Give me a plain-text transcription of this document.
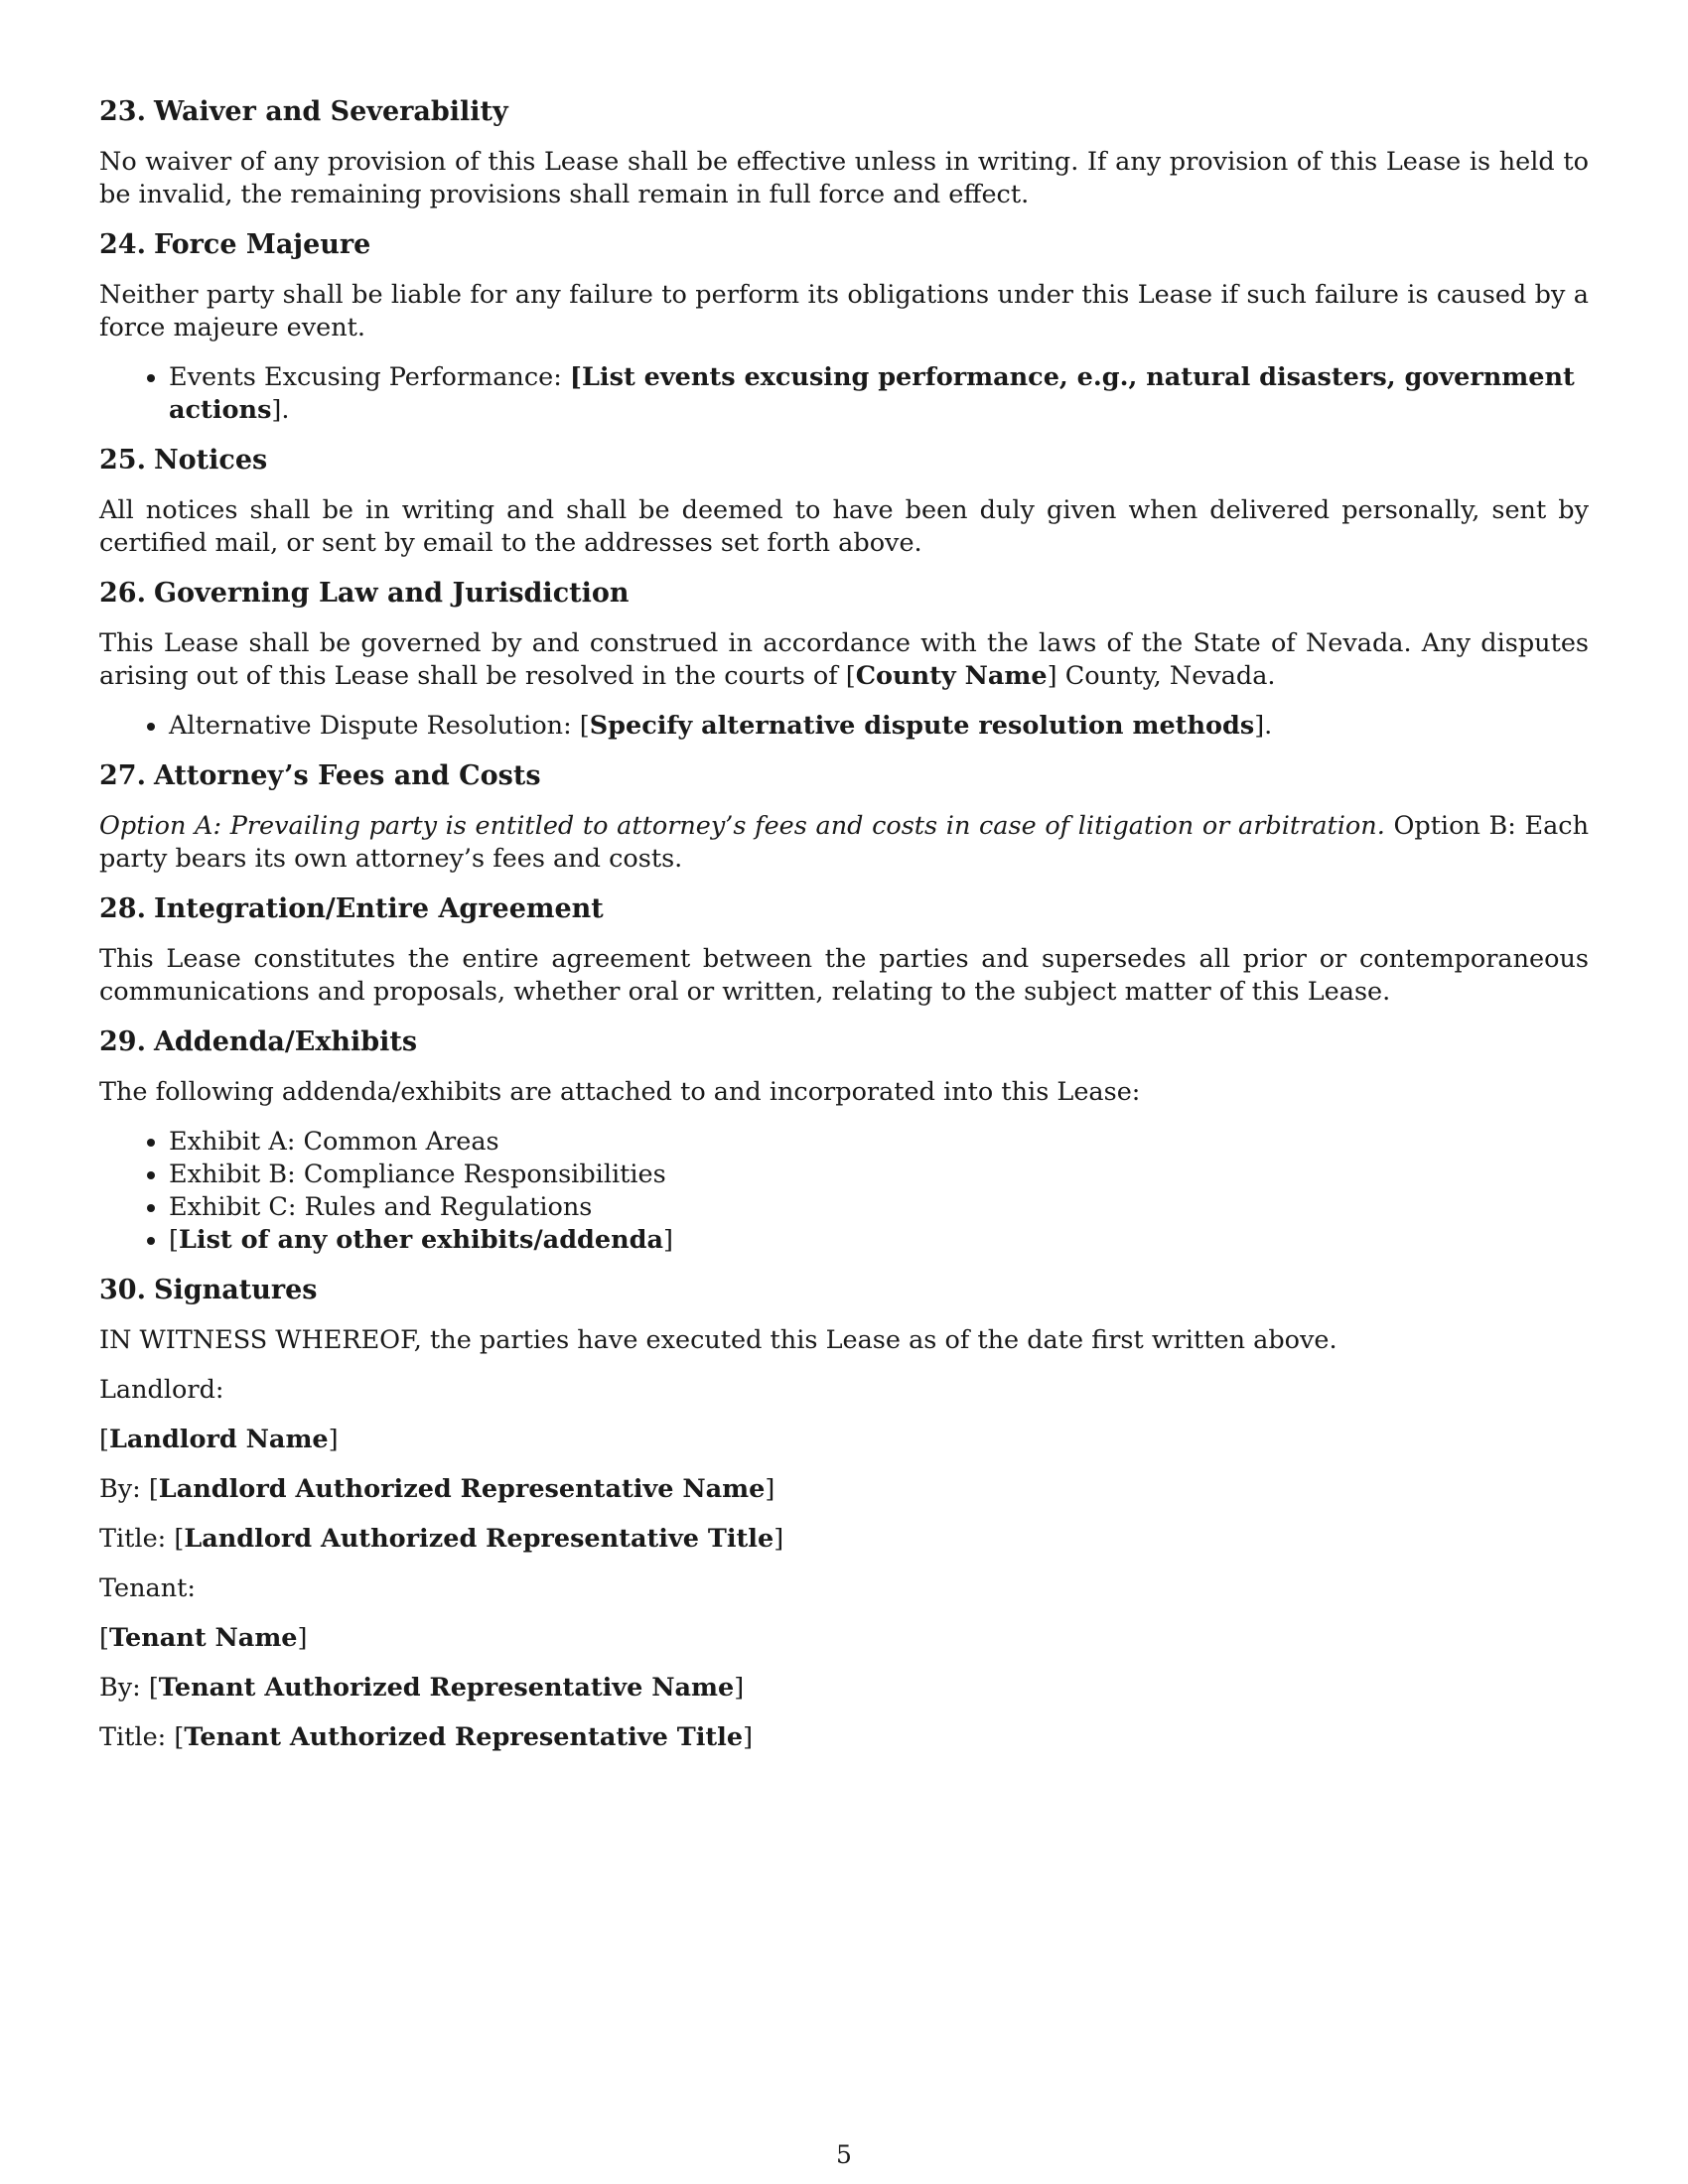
23. Waiver and Severability

No waiver of any provision of this Lease shall be effective unless in writing. If any provision of this Lease is held to be invalid, the remaining provisions shall remain in full force and effect.

24. Force Majeure

Neither party shall be liable for any failure to perform its obligations under this Lease if such failure is caused by a force majeure event.

• Events Excusing Performance: [List events excusing performance, e.g., natural disasters, government actions].
25. Notices

All notices shall be in writing and shall be deemed to have been duly given when delivered personally, sent by certified mail, or sent by email to the addresses set forth above.

26. Governing Law and Jurisdiction

This Lease shall be governed by and construed in accordance with the laws of the State of Nevada. Any disputes arising out of this Lease shall be resolved in the courts of [County Name] County, Nevada.

• Alternative Dispute Resolution: [Specify alternative dispute resolution methods].
27. Attorney’s Fees and Costs

Option A: Prevailing party is entitled to attorney’s fees and costs in case of litigation or arbitration. Option B: Each party bears its own attorney’s fees and costs.

28. Integration/Entire Agreement

This Lease constitutes the entire agreement between the parties and supersedes all prior or contemporaneous communications and proposals, whether oral or written, relating to the subject matter of this Lease.

29. Addenda/Exhibits

The following addenda/exhibits are attached to and incorporated into this Lease:

• Exhibit A: Common Areas
• Exhibit B: Compliance Responsibilities
• Exhibit C: Rules and Regulations
• [List of any other exhibits/addenda]
30. Signatures

IN WITNESS WHEREOF, the parties have executed this Lease as of the date first written above.

Landlord:

[Landlord Name]

By: [Landlord Authorized Representative Name]

Title: [Landlord Authorized Representative Title]

Tenant:

[Tenant Name]

By: [Tenant Authorized Representative Name]

Title: [Tenant Authorized Representative Title]

5
